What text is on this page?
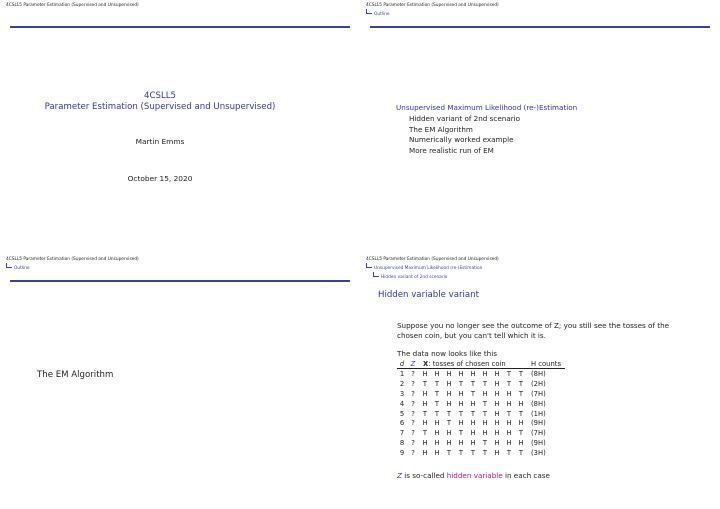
4CSLL5 Parameter Estimation (Supervised and Unsupervised)
4CSLL5
Parameter Estimation (Supervised and Unsupervised)
Martin Emms
October 15, 2020
4CSLL5 Parameter Estimation (Supervised and Unsupervised)
Outline
Unsupervised Maximum Likelihood (re-)Estimation
Hidden variant of 2nd scenario
The EM Algorithm
Numerically worked example
More realistic run of EM
4CSLL5 Parameter Estimation (Supervised and Unsupervised)
Outline
The EM Algorithm
4CSLL5 Parameter Estimation (Supervised and Unsupervised)
Unsupervised Maximum Likelihood (re-)Estimation
Hidden variant of 2nd scenario
Hidden variable variant
Suppose you no longer see the outcome of Z; you still see the tosses of the
chosen coin, but you can't tell which it is.
The data now looks like this
d	Z	X: tosses of chosen coin									H counts
1	?	H	H	H	H	H	H	H	T	T	(8H)
2	?	T	T	H	T	T	T	H	T	T	(2H)
3	?	H	T	H	H	T	H	H	H	T	(7H)
4	?	H	T	H	H	H	T	H	H	H	(8H)
5	?	T	T	T	T	T	T	H	T	T	(1H)
6	?	H	H	T	H	H	H	H	H	H	(9H)
7	?	T	H	H	T	H	H	H	H	T	(7H)
8	?	H	H	H	H	H	T	H	H	H	(9H)
9	?	H	H	T	T	T	T	H	T	T	(3H)
Z is so-called hidden variable in each case
